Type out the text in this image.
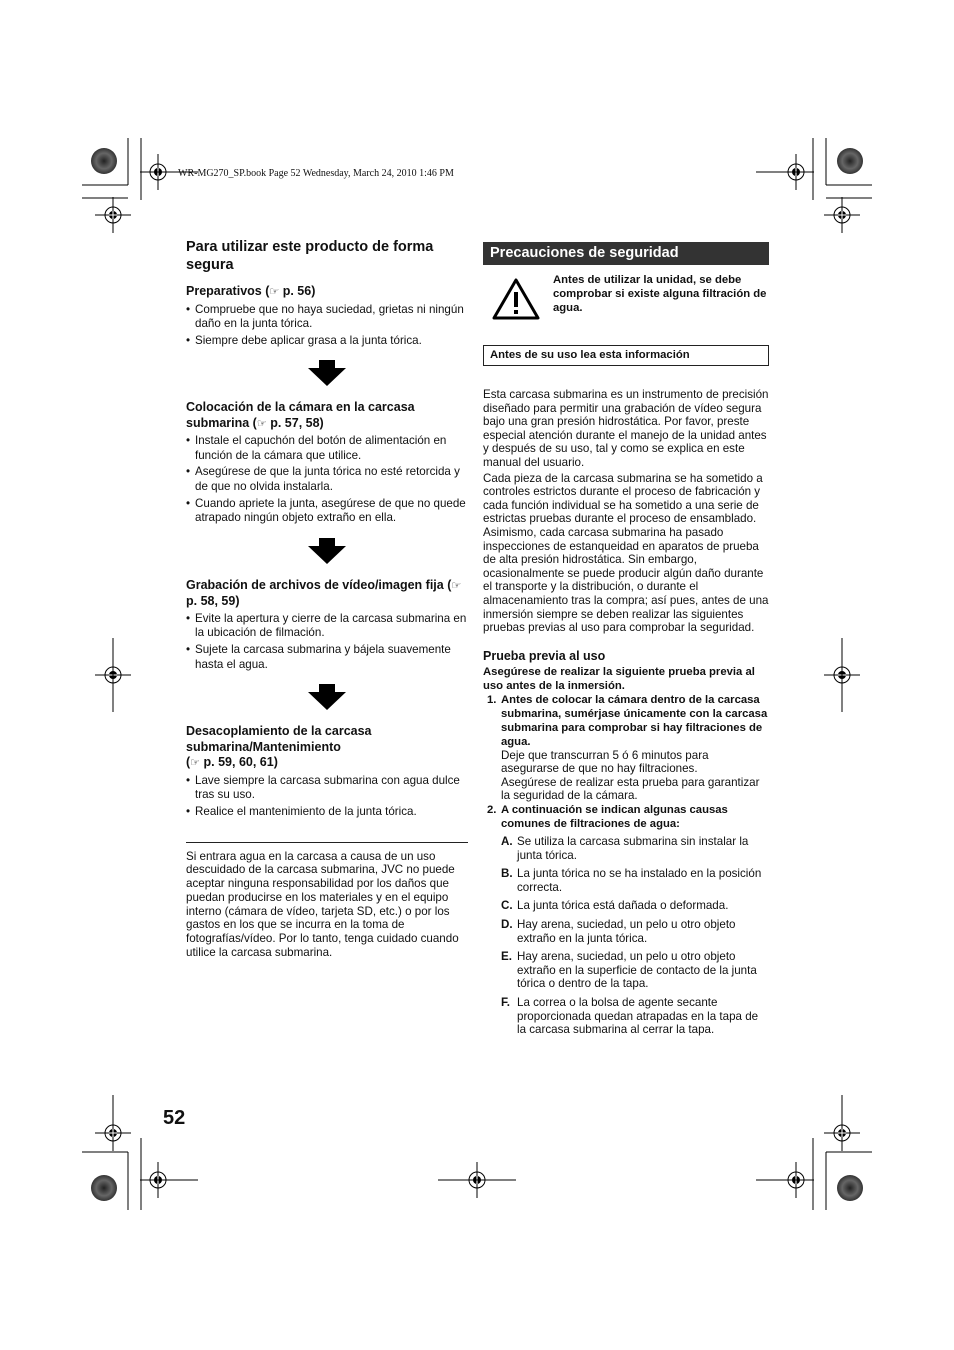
WR-MG270_SP.book Page 52 Wednesday, March 24, 2010 1:46 PM
Para utilizar este producto de forma segura
Preparativos (☞ p. 56)
• Compruebe que no haya suciedad, grietas ni ningún daño en la junta tórica.
• Siempre debe aplicar grasa a la junta tórica.
Colocación de la cámara en la carcasa submarina (☞ p. 57, 58)
• Instale el capuchón del botón de alimentación en función de la cámara que utilice.
• Asegúrese de que la junta tórica no esté retorcida y de que no olvida instalarla.
• Cuando apriete la junta, asegúrese de que no quede atrapado ningún objeto extraño en ella.
Grabación de archivos de vídeo/imagen fija (☞ p. 58, 59)
• Evite la apertura y cierre de la carcasa submarina en la ubicación de filmación.
• Sujete la carcasa submarina y bájela suavemente hasta el agua.
Desacoplamiento de la carcasa submarina/Mantenimiento
(☞ p. 59, 60, 61)
• Lave siempre la carcasa submarina con agua dulce tras su uso.
• Realice el mantenimiento de la junta tórica.
Si entrara agua en la carcasa a causa de un uso descuidado de la carcasa submarina, JVC no puede aceptar ninguna responsabilidad por los daños que puedan producirse en los materiales y en el equipo interno (cámara de vídeo, tarjeta SD, etc.) o por los gastos en los que se incurra en la toma de fotografías/vídeo. Por lo tanto, tenga cuidado cuando utilice la carcasa submarina.
Precauciones de seguridad
Antes de utilizar la unidad, se debe comprobar si existe alguna filtración de agua.
Antes de su uso lea esta información

Esta carcasa submarina es un instrumento de precisión diseñado para permitir una grabación de vídeo segura bajo una gran presión hidrostática. Por favor, preste especial atención durante el manejo de la unidad antes y después de su uso, tal y como se explica en este manual del usuario.

Cada pieza de la carcasa submarina se ha sometido a controles estrictos durante el proceso de fabricación y cada función individual se ha sometido a una serie de estrictas pruebas durante el proceso de ensamblado. Asimismo, cada carcasa submarina ha pasado inspecciones de estanqueidad en aparatos de prueba de alta presión hidrostática. Sin embargo, ocasionalmente se puede producir algún daño durante el transporte y la distribución, o durante el almacenamiento tras la compra; así pues, antes de una inmersión siempre se deben realizar las siguientes pruebas previas al uso para comprobar la seguridad.

Prueba previa al uso

Asegúrese de realizar la siguiente prueba previa al uso antes de la inmersión.

1. Antes de colocar la cámara dentro de la carcasa submarina, sumérjase únicamente con la carcasa submarina para comprobar si hay filtraciones de agua.
Deje que transcurran 5 ó 6 minutos para asegurarse de que no hay filtraciones.
Asegúrese de realizar esta prueba para garantizar la seguridad de la cámara.
2. A continuación se indican algunas causas comunes de filtraciones de agua:
A. Se utiliza la carcasa submarina sin instalar la junta tórica.
B. La junta tórica no se ha instalado en la posición correcta.
C. La junta tórica está dañada o deformada.
D. Hay arena, suciedad, un pelo u otro objeto extraño en la junta tórica.
E. Hay arena, suciedad, un pelo u otro objeto extraño en la superficie de contacto de la junta tórica o dentro de la tapa.
F. La correa o la bolsa de agente secante proporcionada quedan atrapadas en la tapa de la carcasa submarina al cerrar la tapa.
52
